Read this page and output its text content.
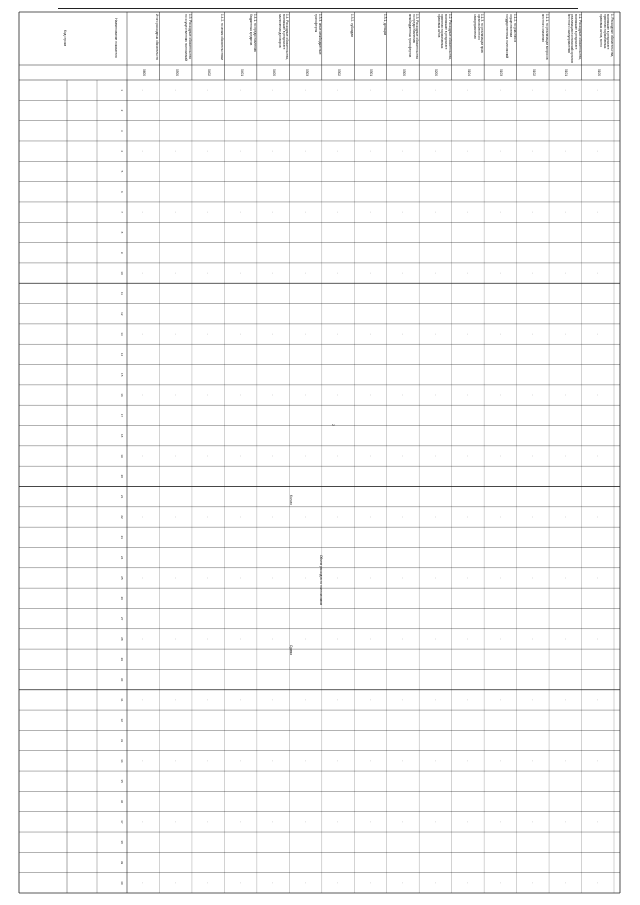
-
-
-
-
-
-
-
-
-
-
-
-
-
-
-
-
-
-
-
-
-
-
-
-
-
-
-
-
-
-
-
-
-
-
-
-
-
-
-
-
-
-
-
-
-
-
-
-
-
-
-
-
-
-
-
-
-
-
-
-
-
-
-
-
-
-
-
-
-
-
-
-
-
-
-
-
-
-
-
-
-
-
-
-
-
-
-
-
-
-
-
-
-
-
-
-
-
-
-
-
-
-
-
-
-
-
-
-
-
-
-
-
-
-
-
-
-
-
-
-
-
-
-
-
-
-
-
-
-
-
-
-
-
-
-
-
-
-
-
-
-
-
-
-
-
-
-
-
-
-
-
-
-
-
-
-
-
-
-
-
-
-
-
-
-
-
-
-
-
-
-
-
-
-
-
-
-
-
-
-
-
-
-
-
-
-
-
-
-
-
-
-
-
-
-
-
-
-
-
-
-
-
-
-
-
-
-
-
-
-
1
2
3
4
5
6
7
8
9
10
11
12
13
14
15
16
17
18
19
20
21
22
23
24
25
26
27
28
29
30
31
32
33
34
35
36
37
38
39
40
Наименование показателя
Код строки
Объем расходов по полномочиям
Кол-во
Сумма
2
1. Расходные обязательства, возникшие в результате принятия нормативных правовых актов, всего
0100
1.1. Расходные обязательства, возникшие в результате реализации полномочий органов местного самоуправления
0101
1.1.1. по реализации вопросов местного значения
0102
1.1.2. по участию в осуществлении государственных полномочий
0103
1.1.3. по реализации прав органов местного самоуправления
0104
1.2. Расходные обязательства, возникшие в результате принятия нормативных правовых актов
0200
1.3. Расходные обязательства по предоставлению межбюджетных трансфертов
0300
1.3.1. дотации
0301
1.3.2. субсидии
0302
1.3.3. иные межбюджетные трансферты
0303
1.4. Расходные обязательства, возникшие в результате заключения договоров
0400
1.4.1. по предоставлению бюджетных кредитов
0401
1.4.2. по иным обязательствам
0402
1.5. Расходные обязательства по осуществлению полномочий
0500
Итого расходных обязательств
0600
